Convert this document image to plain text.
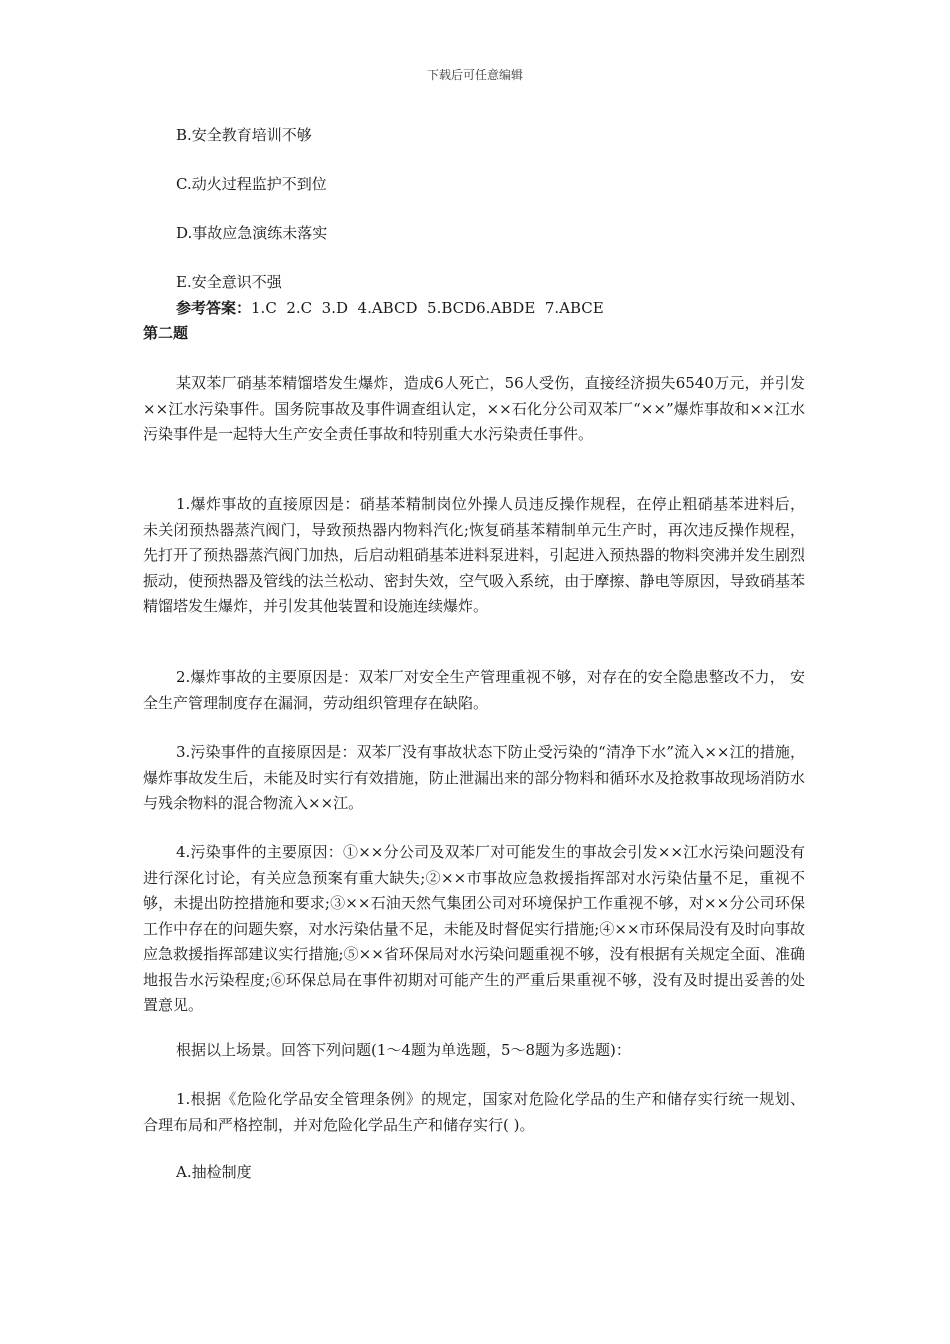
下载后可任意编辑
B.安全教育培训不够
C.动火过程监护不到位
D.事故应急演练未落实
E.安全意识不强
参考答案：1.C  2.C  3.D  4.ABCD  5.BCD6.ABDE  7.ABCE
第二题
某双苯厂硝基苯精馏塔发生爆炸，造成6人死亡，56人受伤，直接经济损失6540万元，并引发××江水污染事件。国务院事故及事件调查组认定，××石化分公司双苯厂“××”爆炸事故和××江水污染事件是一起特大生产安全责任事故和特别重大水污染责任事件。
1.爆炸事故的直接原因是：硝基苯精制岗位外操人员违反操作规程，在停止粗硝基苯进料后，未关闭预热器蒸汽阀门，导致预热器内物料汽化;恢复硝基苯精制单元生产时，再次违反操作规程，先打开了预热器蒸汽阀门加热，后启动粗硝基苯进料泵进料，引起进入预热器的物料突沸并发生剧烈振动，使预热器及管线的法兰松动、密封失效，空气吸入系统，由于摩擦、静电等原因，导致硝基苯精馏塔发生爆炸，并引发其他装置和设施连续爆炸。
2.爆炸事故的主要原因是：双苯厂对安全生产管理重视不够，对存在的安全隐患整改不力， 安全生产管理制度存在漏洞，劳动组织管理存在缺陷。
3.污染事件的直接原因是：双苯厂没有事故状态下防止受污染的“清净下水”流入××江的措施，爆炸事故发生后，未能及时实行有效措施，防止泄漏出来的部分物料和循环水及抢救事故现场消防水与残余物料的混合物流入××江。
4.污染事件的主要原因：①××分公司及双苯厂对可能发生的事故会引发××江水污染问题没有进行深化讨论，有关应急预案有重大缺失;②××市事故应急救援指挥部对水污染估量不足，重视不够，未提出防控措施和要求;③××石油天然气集团公司对环境保护工作重视不够，对××分公司环保工作中存在的问题失察，对水污染估量不足，未能及时督促实行措施;④××市环保局没有及时向事故应急救援指挥部建议实行措施;⑤××省环保局对水污染问题重视不够，没有根据有关规定全面、准确地报告水污染程度;⑥环保总局在事件初期对可能产生的严重后果重视不够，没有及时提出妥善的处置意见。
根据以上场景。回答下列问题(1～4题为单选题，5～8题为多选题)：
1.根据《危险化学品安全管理条例》的规定，国家对危险化学品的生产和储存实行统一规划、合理布局和严格控制，并对危险化学品生产和储存实行( )。
A.抽检制度
